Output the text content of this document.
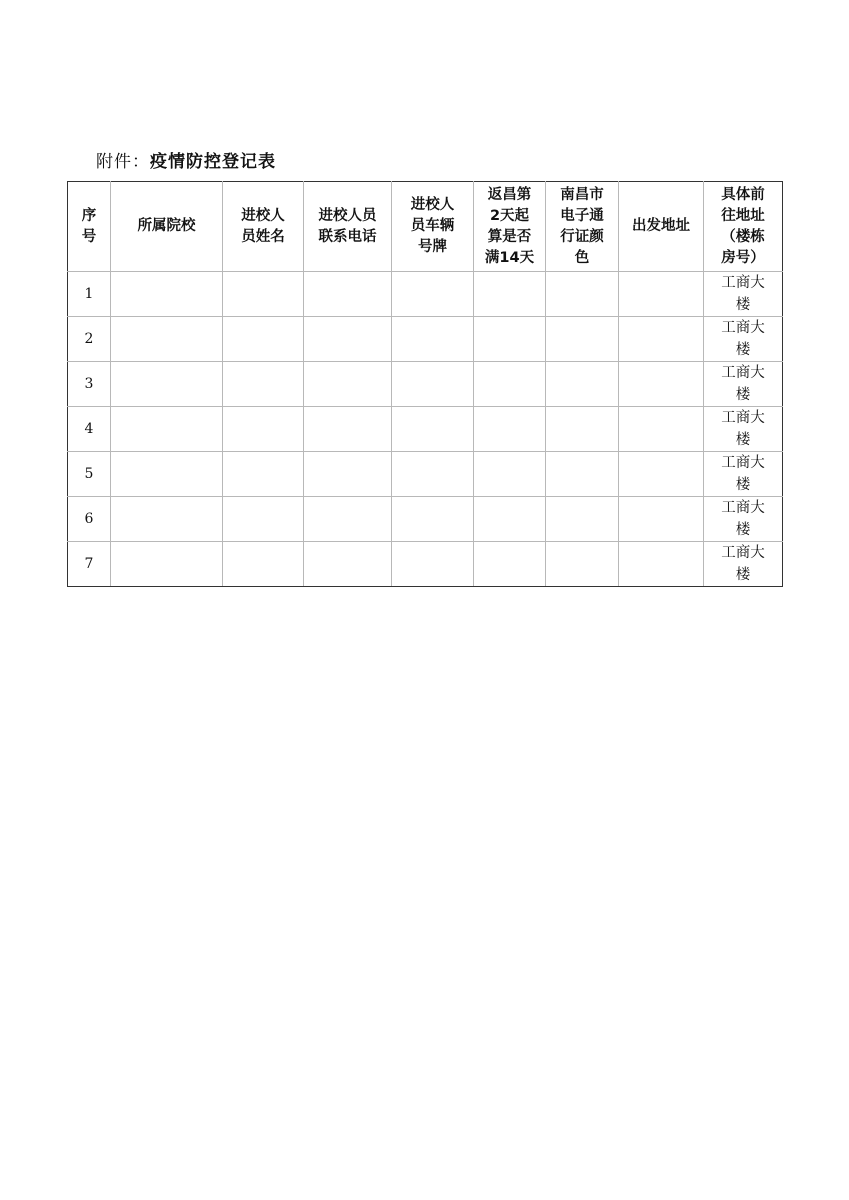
附件：疫情防控登记表
序
号	所属院校	进校人
员姓名	进校人员
联系电话	进校人
员车辆
号牌	返昌第
2天起
算是否
满14天	南昌市
电子通
行证颜
色	出发地址	具体前
往地址
（楼栋
房号）
1								工商大
楼
2								工商大
楼
3								工商大
楼
4								工商大
楼
5								工商大
楼
6								工商大
楼
7								工商大
楼
